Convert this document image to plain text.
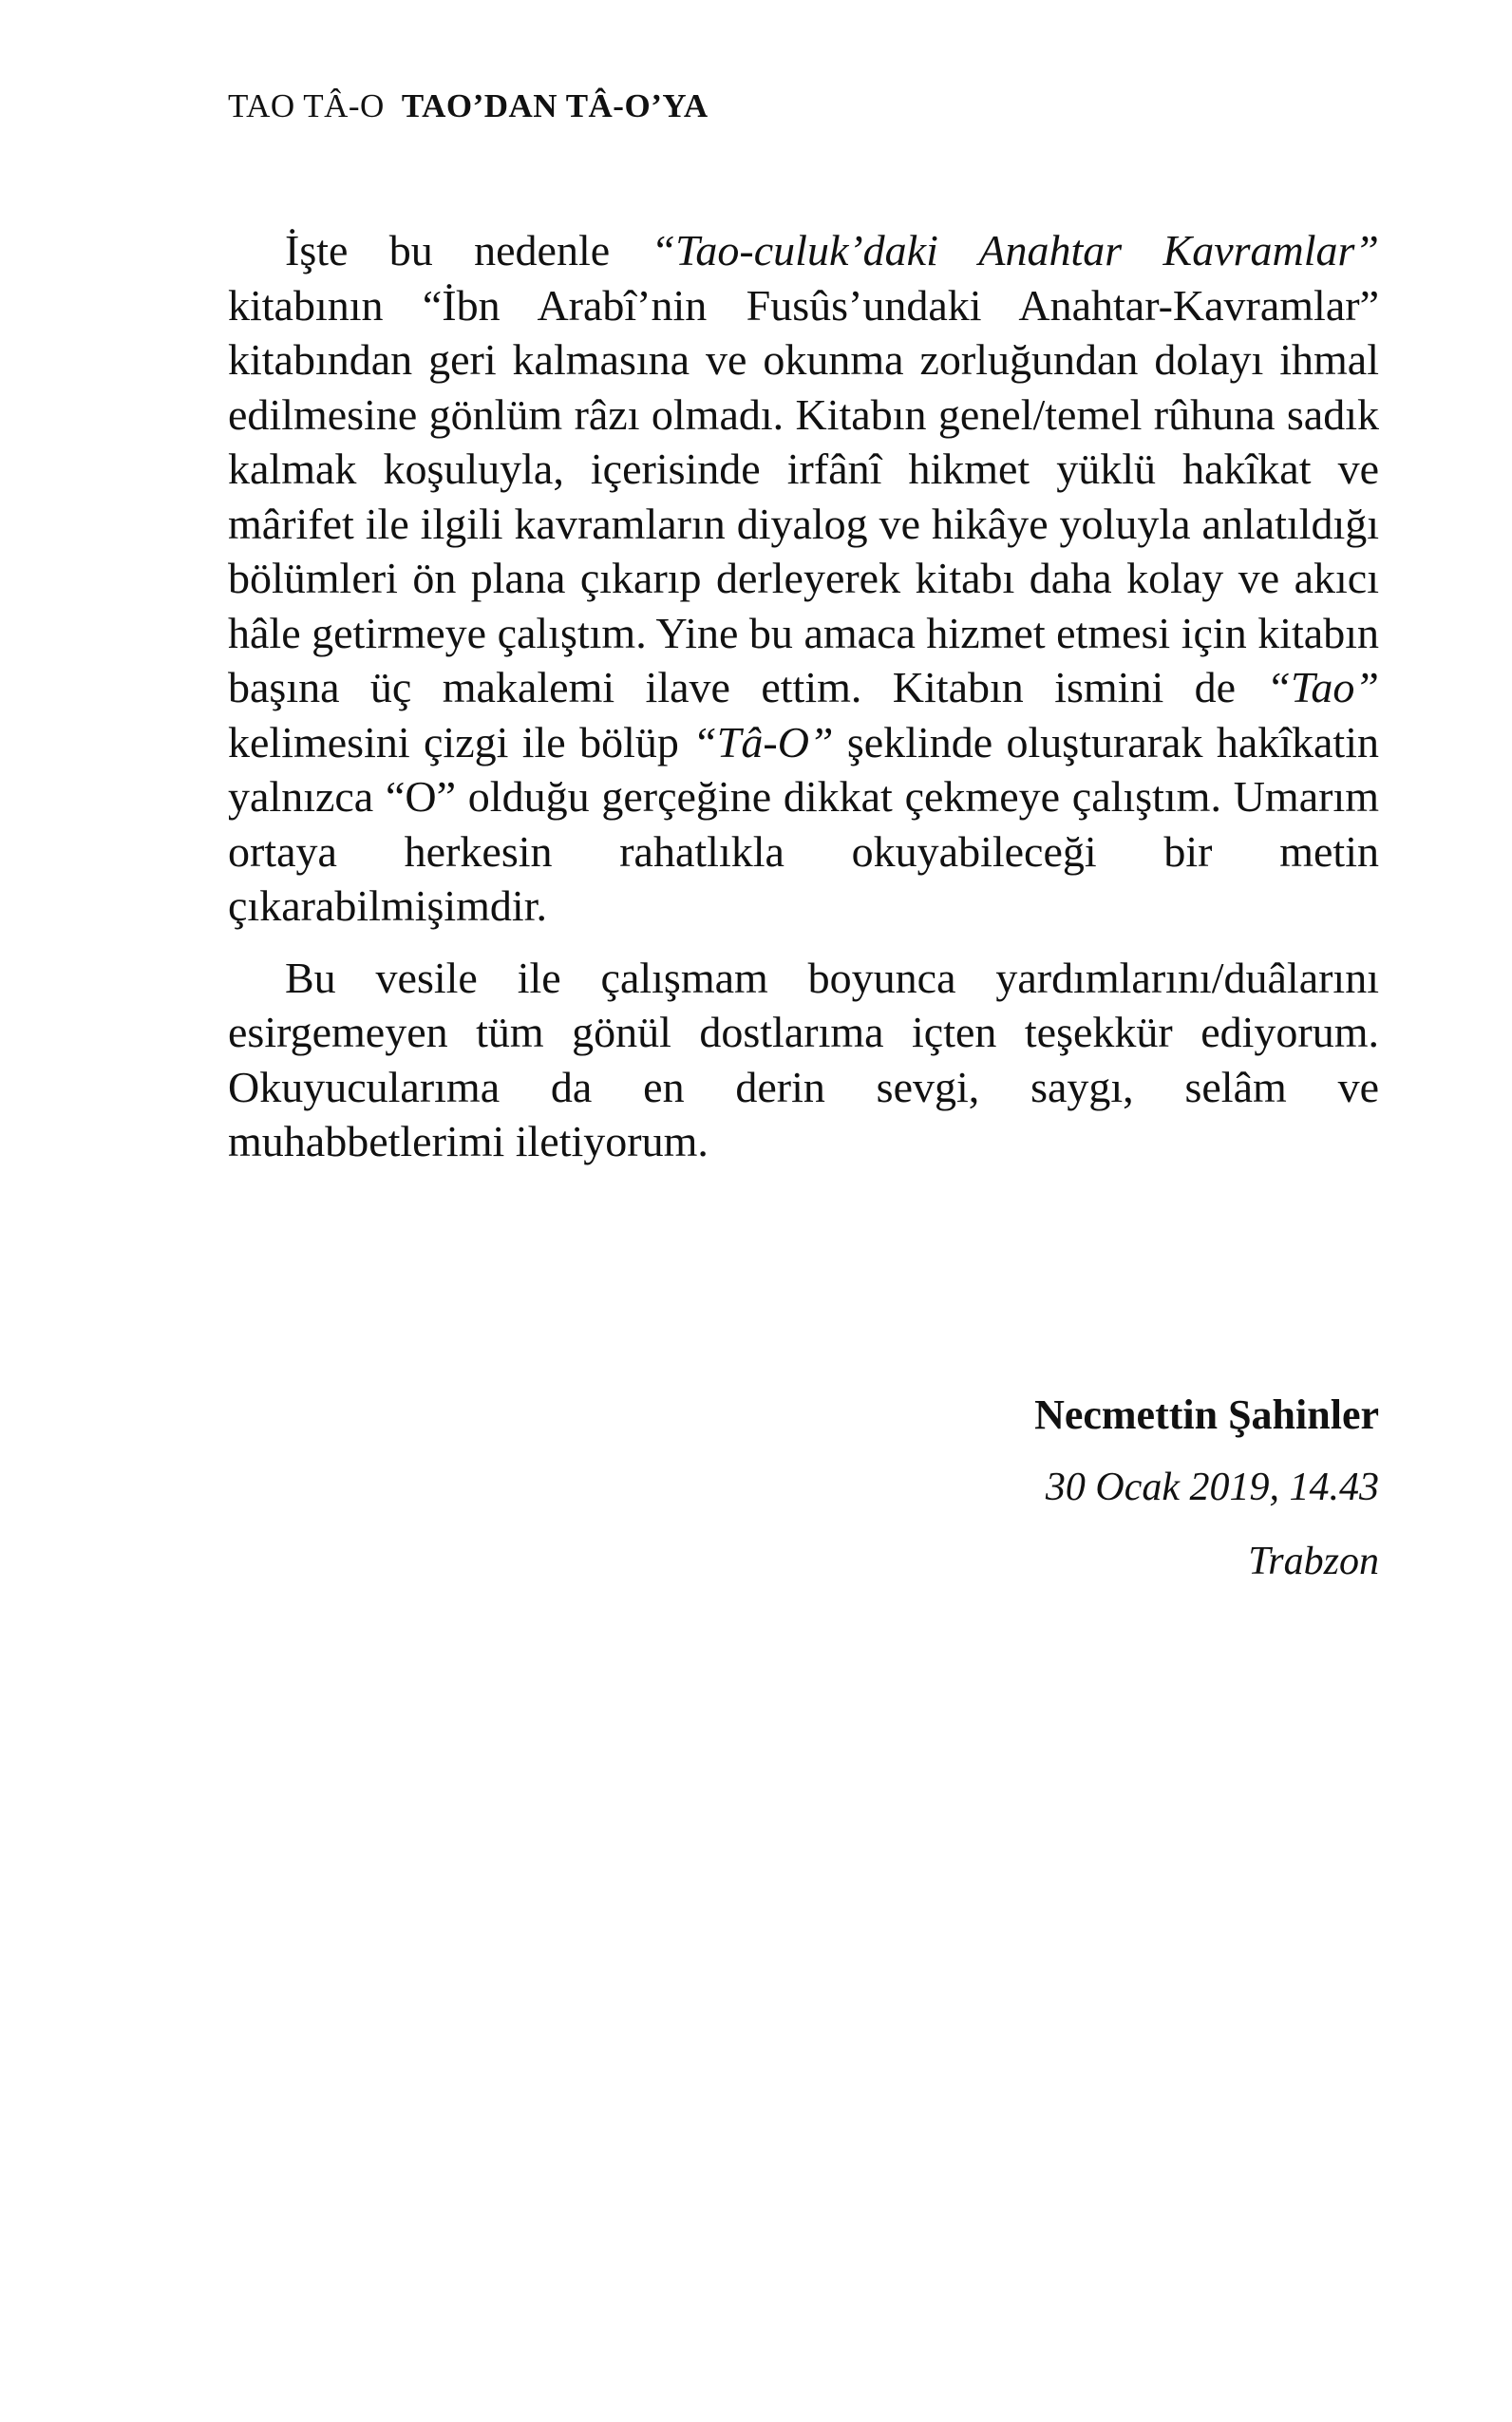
TAO TÂ-O TAO’DAN TÂ-O’YA

İşte bu nedenle “Tao-culuk’daki Anahtar Kavramlar” kitabının “İbn Arabî’nin Fusûs’undaki Anahtar-Kavramlar” kitabından geri kalmasına ve okunma zorluğundan dolayı ihmal edilmesine gönlüm râzı olmadı. Kitabın genel/temel rûhuna sadık kalmak koşuluyla, içerisinde irfânî hikmet yüklü hakîkat ve mârifet ile ilgili kavramların diyalog ve hikâye yoluyla anlatıldığı bölümleri ön plana çıkarıp derleyerek kitabı daha kolay ve akıcı hâle getirmeye çalıştım. Yine bu amaca hizmet etmesi için kitabın başına üç makalemi ilave ettim. Kitabın ismini de “Tao” kelimesini çizgi ile bölüp “Tâ-O” şeklinde oluşturarak hakîkatin yalnızca “O” olduğu gerçeğine dikkat çekmeye çalıştım. Umarım ortaya herkesin rahatlıkla okuyabileceği bir metin çıkarabilmişimdir.

Bu vesile ile çalışmam boyunca yardımlarını/duâlarını esirgemeyen tüm gönül dostlarıma içten teşekkür ediyorum. Okuyucularıma da en derin sevgi, saygı, selâm ve muhabbetlerimi iletiyorum.

Necmettin Şahinler
30 Ocak 2019, 14.43
Trabzon
